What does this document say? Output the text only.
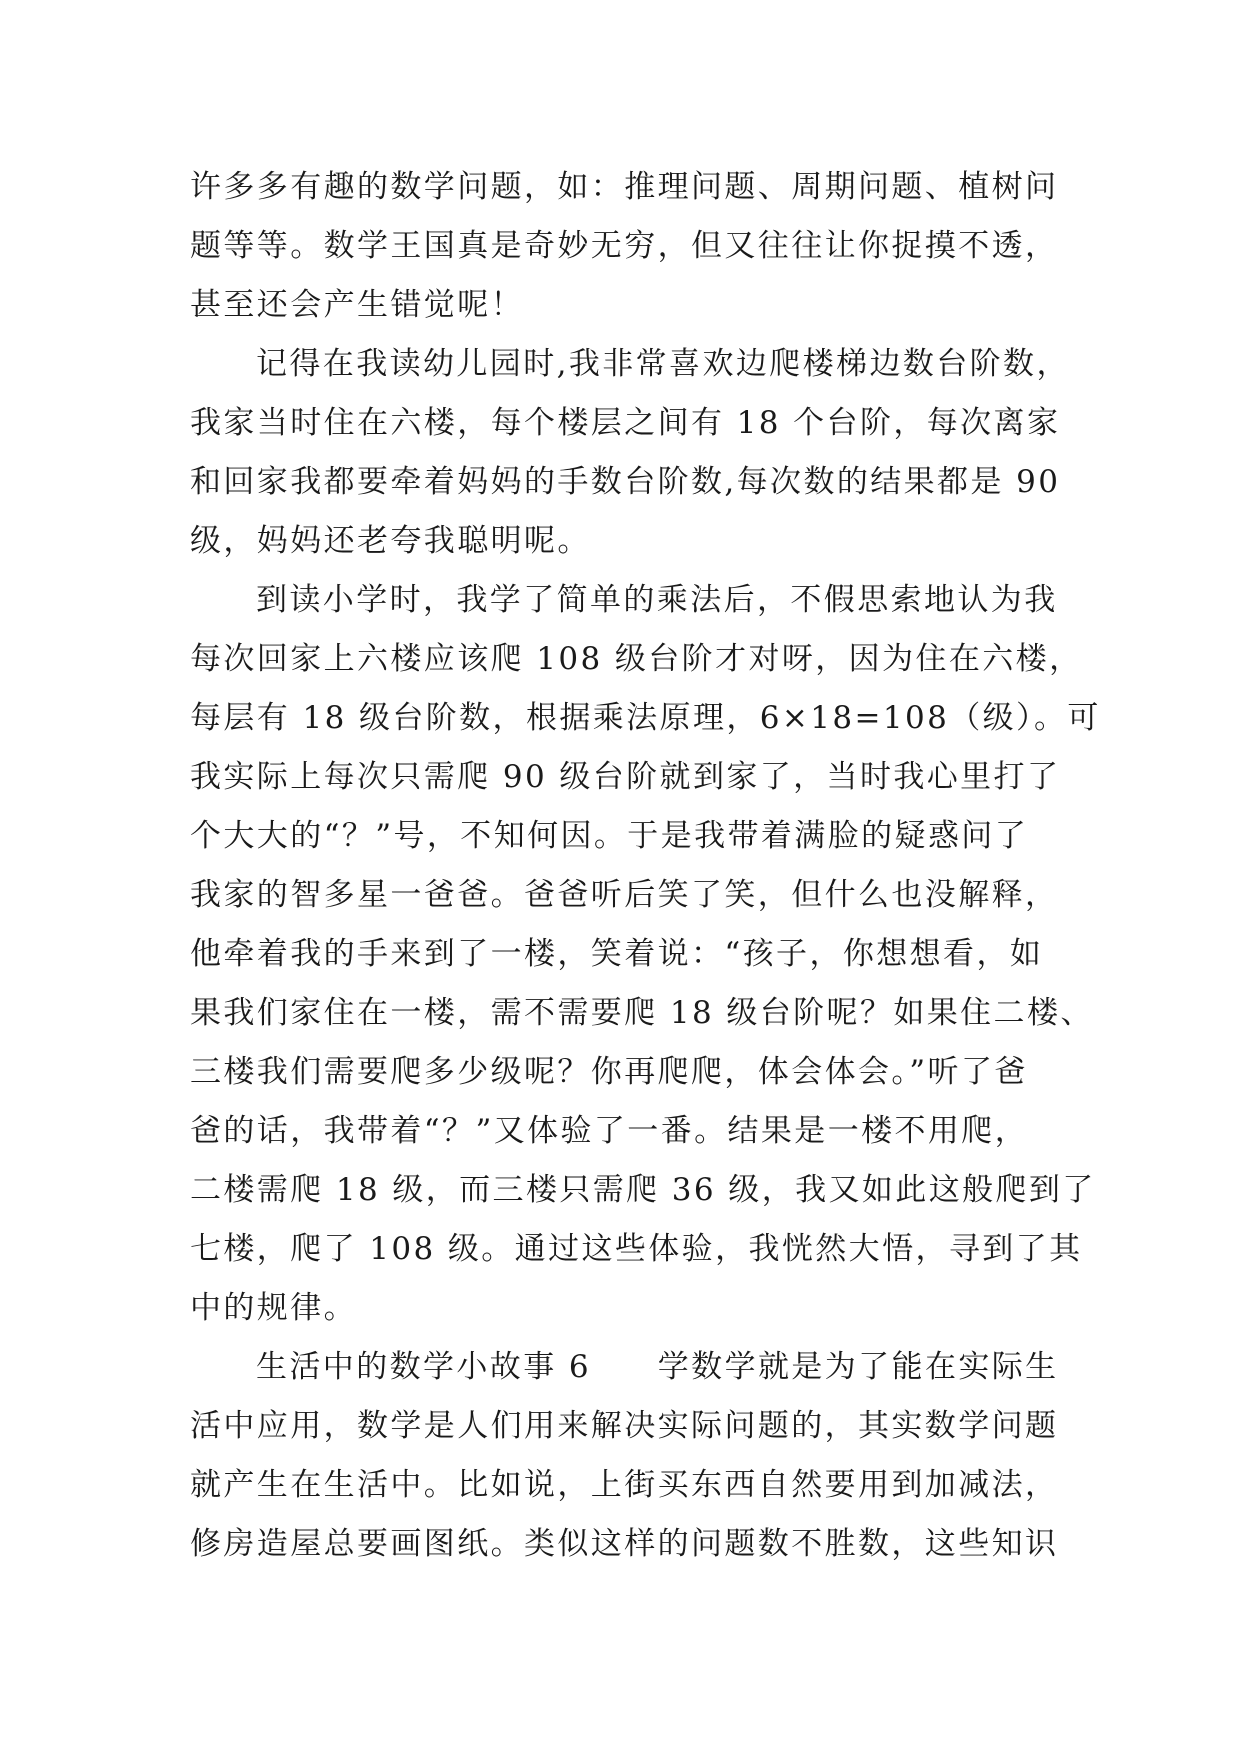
许多多有趣的数学问题，如：推理问题、周期问题、植树问
题等等。数学王国真是奇妙无穷，但又往往让你捉摸不透，
甚至还会产生错觉呢！
记得在我读幼儿园时,我非常喜欢边爬楼梯边数台阶数，
我家当时住在六楼，每个楼层之间有 18 个台阶，每次离家
和回家我都要牵着妈妈的手数台阶数,每次数的结果都是 90
级，妈妈还老夸我聪明呢。
到读小学时，我学了简单的乘法后，不假思索地认为我
每次回家上六楼应该爬 108 级台阶才对呀，因为住在六楼，
每层有 18 级台阶数，根据乘法原理，6×18=108（级）。可
我实际上每次只需爬 90 级台阶就到家了，当时我心里打了
个大大的“？”号，不知何因。于是我带着满脸的疑惑问了
我家的智多星一爸爸。爸爸听后笑了笑，但什么也没解释，
他牵着我的手来到了一楼，笑着说：“孩子，你想想看，如
果我们家住在一楼，需不需要爬 18 级台阶呢？如果住二楼、
三楼我们需要爬多少级呢？你再爬爬，体会体会。”听了爸
爸的话，我带着“？”又体验了一番。结果是一楼不用爬，
二楼需爬 18 级，而三楼只需爬 36 级，我又如此这般爬到了
七楼，爬了 108 级。通过这些体验，我恍然大悟，寻到了其
中的规律。
生活中的数学小故事 6　　学数学就是为了能在实际生
活中应用，数学是人们用来解决实际问题的，其实数学问题
就产生在生活中。比如说，上街买东西自然要用到加减法，
修房造屋总要画图纸。类似这样的问题数不胜数，这些知识
